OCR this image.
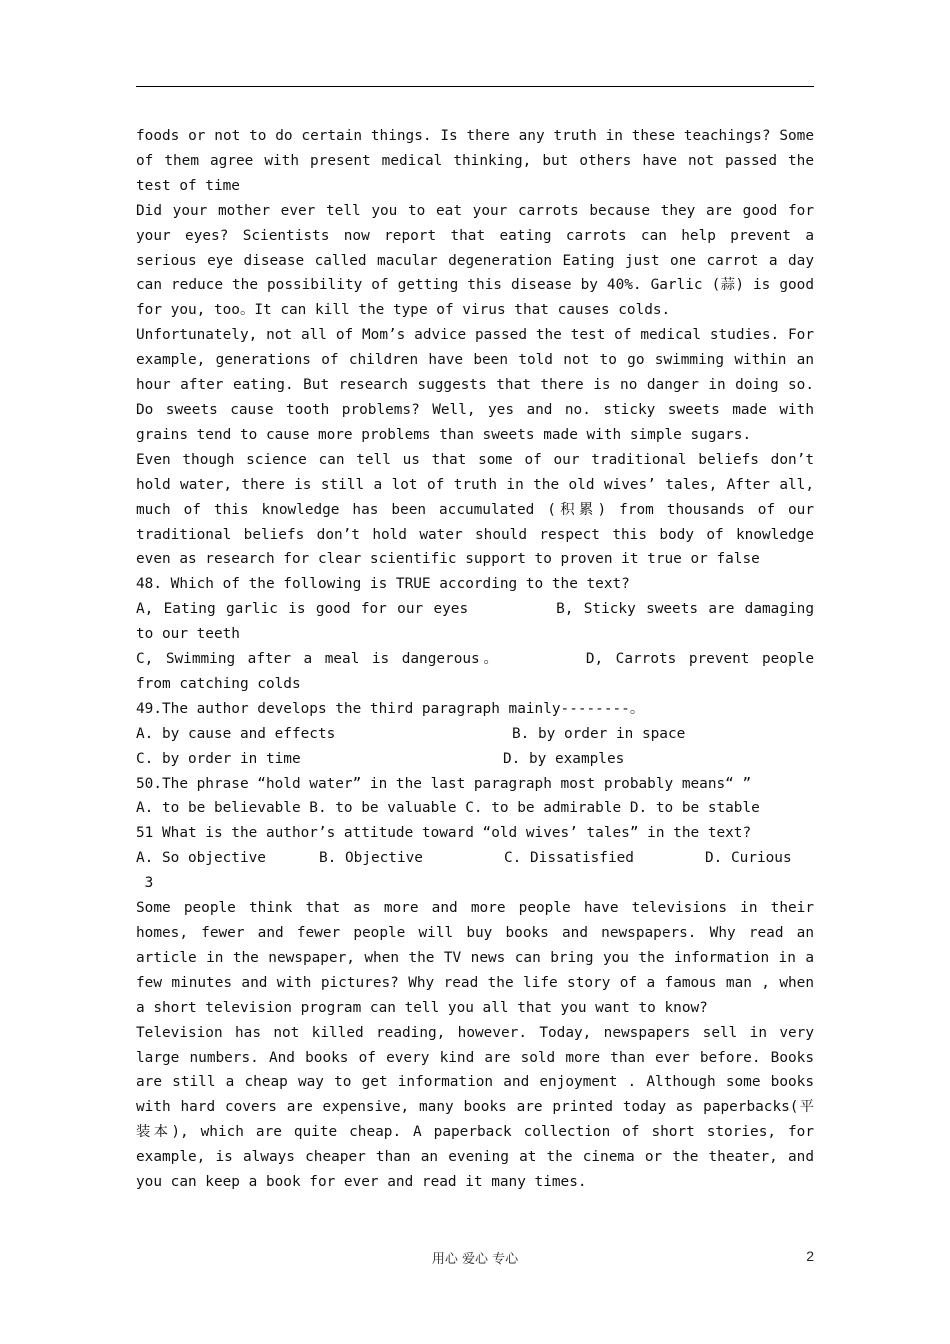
foods or not to do certain things. Is there any truth in these teachings? Some of them agree with present medical thinking, but others have not passed the test of time

Did your mother ever tell you to eat your carrots because they are good for your eyes? Scientists now report that eating carrots can help prevent a serious eye disease called macular degeneration Eating just one carrot a day can reduce the possibility of getting this disease by 40%. Garlic (蒜) is good for you, too。It can kill the type of virus that causes colds.

Unfortunately, not all of Mom’s advice passed the test of medical studies. For example, generations of children have been told not to go swimming within an hour after eating. But research suggests that there is no danger in doing so. Do sweets cause tooth problems? Well, yes and no. sticky sweets made with grains tend to cause more problems than sweets made with simple sugars.

Even though science can tell us that some of our traditional beliefs don’t hold water, there is still a lot of truth in the old wives’ tales, After all, much of this knowledge has been accumulated (积累) from thousands of our traditional beliefs don’t hold water should respect this body of knowledge even as research for clear scientific support to proven it true or false

48. Which of the following is TRUE according to the text?

A, Eating garlic is good for our eyes	B, Sticky sweets are damaging to our teeth

C, Swimming after a meal is dangerous。	D, Carrots prevent people from catching colds

49.The author develops the third paragraph mainly--------。

A. by cause and effects	B. by order in space
C. by order in time	D. by examples

50.The phrase “hold water” in the last paragraph most probably means“ ”

A. to be believable B. to be valuable C. to be admirable D. to be stable

51 What is the author’s attitude toward “old wives’ tales” in the text?

A. So objective	B. Objective	C. Dissatisfied	D. Curious

3

Some people think that as more and more people have televisions in their homes, fewer and fewer people will buy books and newspapers. Why read an article in the newspaper, when the TV news can bring you the information in a few minutes and with pictures? Why read the life story of a famous man , when a short television program can tell you all that you want to know?

Television has not killed reading, however. Today, newspapers sell in very large numbers. And books of every kind are sold more than ever before. Books are still a cheap way to get information and enjoyment . Although some books with hard covers are expensive, many books are printed today as paperbacks(平装本), which are quite cheap. A paperback collection of short stories, for example, is always cheaper than an evening at the cinema or the theater, and you can keep a book for ever and read it many times.

用心 爱心 专心	2
